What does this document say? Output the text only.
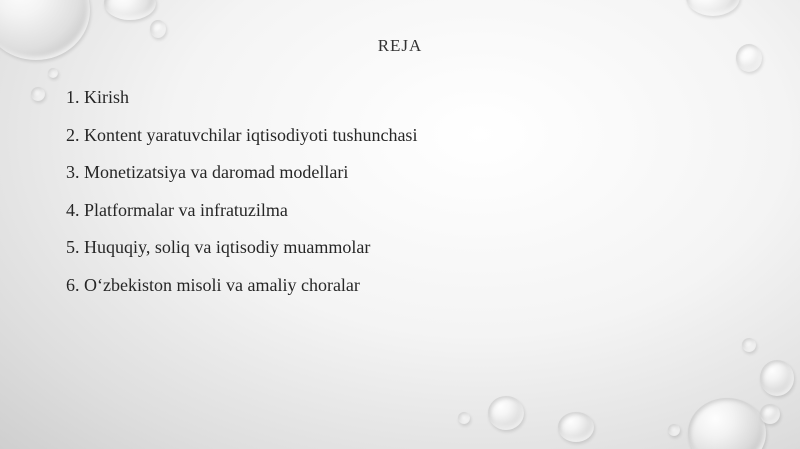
REJA
1. Kirish
2. Kontent yaratuvchilar iqtisodiyoti tushunchasi
3. Monetizatsiya va daromad modellari
4. Platformalar va infratuzilma
5. Huquqiy, soliq va iqtisodiy muammolar
6. O‘zbekiston misoli va amaliy choralar
